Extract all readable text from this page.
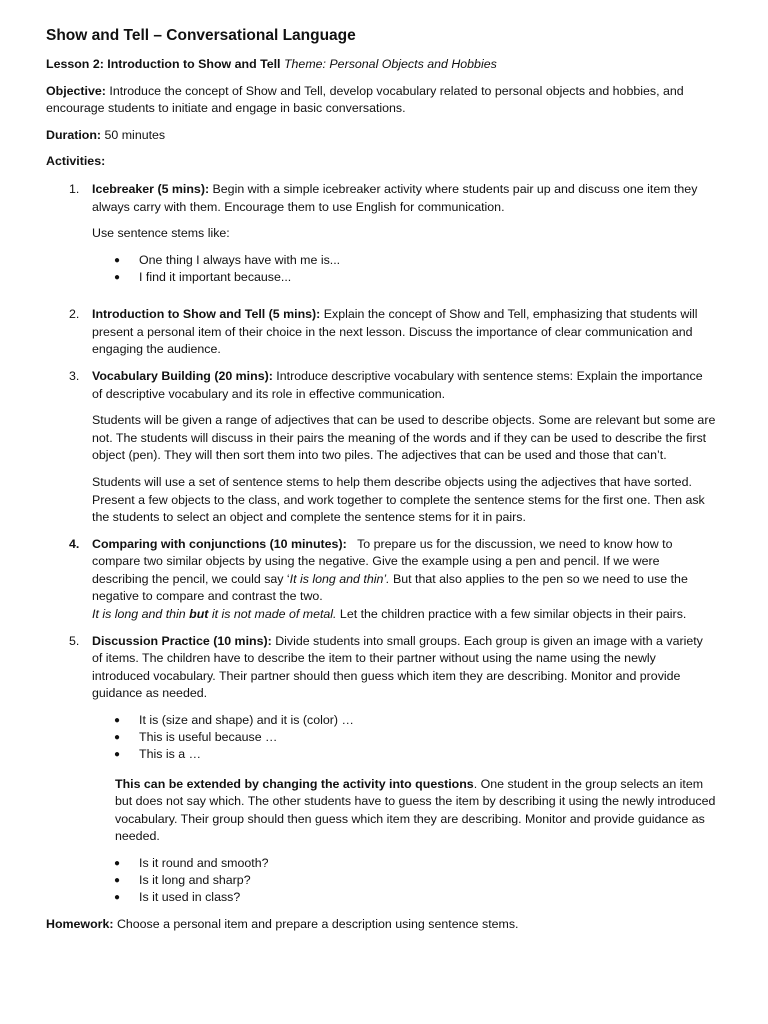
Show and Tell – Conversational Language

Lesson 2: Introduction to Show and Tell Theme: Personal Objects and Hobbies

Objective: Introduce the concept of Show and Tell, develop vocabulary related to personal objects and hobbies, and encourage students to initiate and engage in basic conversations.

Duration: 50 minutes

Activities:

1. Icebreaker (5 mins): Begin with a simple icebreaker activity where students pair up and discuss one item they always carry with them. Encourage them to use English for communication.

Use sentence stems like:

● One thing I always have with me is...
● I find it important because...
2. Introduction to Show and Tell (5 mins): Explain the concept of Show and Tell, emphasizing that students will present a personal item of their choice in the next lesson. Discuss the importance of clear communication and engaging the audience.

3. Vocabulary Building (20 mins): Introduce descriptive vocabulary with sentence stems: Explain the importance of descriptive vocabulary and its role in effective communication.

Students will be given a range of adjectives that can be used to describe objects. Some are relevant but some are not. The students will discuss in their pairs the meaning of the words and if they can be used to describe the first object (pen). They will then sort them into two piles. The adjectives that can be used and those that can’t.

Students will use a set of sentence stems to help them describe objects using the adjectives that have sorted. Present a few objects to the class, and work together to complete the sentence stems for the first one. Then ask the students to select an object and complete the sentence stems for it in pairs.

4. Comparing with conjunctions (10 minutes): To prepare us for the discussion, we need to know how to compare two similar objects by using the negative. Give the example using a pen and pencil. If we were describing the pencil, we could say ‘It is long and thin’. But that also applies to the pen so we need to use the negative to compare and contrast the two.

It is long and thin but it is not made of metal. Let the children practice with a few similar objects in their pairs.

5. Discussion Practice (10 mins): Divide students into small groups. Each group is given an image with a variety of items. The children have to describe the item to their partner without using the name using the newly introduced vocabulary. Their partner should then guess which item they are describing. Monitor and provide guidance as needed.

● It is (size and shape) and it is (color) …
● This is useful because …
● This is a …

This can be extended by changing the activity into questions. One student in the group selects an item but does not say which. The other students have to guess the item by describing it using the newly introduced vocabulary. Their group should then guess which item they are describing. Monitor and provide guidance as needed.

● Is it round and smooth?
● Is it long and sharp?
● Is it used in class?

Homework: Choose a personal item and prepare a description using sentence stems.
